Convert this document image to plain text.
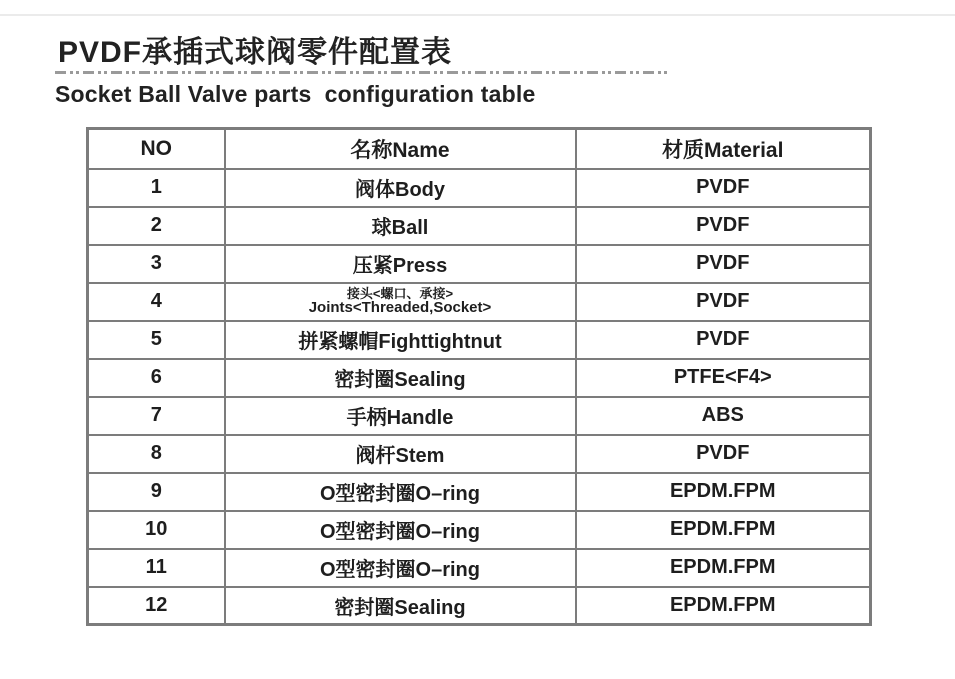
PVDF承插式球阀零件配置表
Socket Ball Valve parts  configuration table
NO	名称Name	材质Material
1	阀体Body	PVDF
2	球Ball	PVDF
3	压紧Press	PVDF
4	接头<螺口、承接>
Joints<Threaded,Socket>	PVDF
5	拼紧螺帽Fighttightnut	PVDF
6	密封圈Sealing	PTFE<F4>
7	手柄Handle	ABS
8	阀杆Stem	PVDF
9	O型密封圈O–ring	EPDM.FPM
10	O型密封圈O–ring	EPDM.FPM
11	O型密封圈O–ring	EPDM.FPM
12	密封圈Sealing	EPDM.FPM
